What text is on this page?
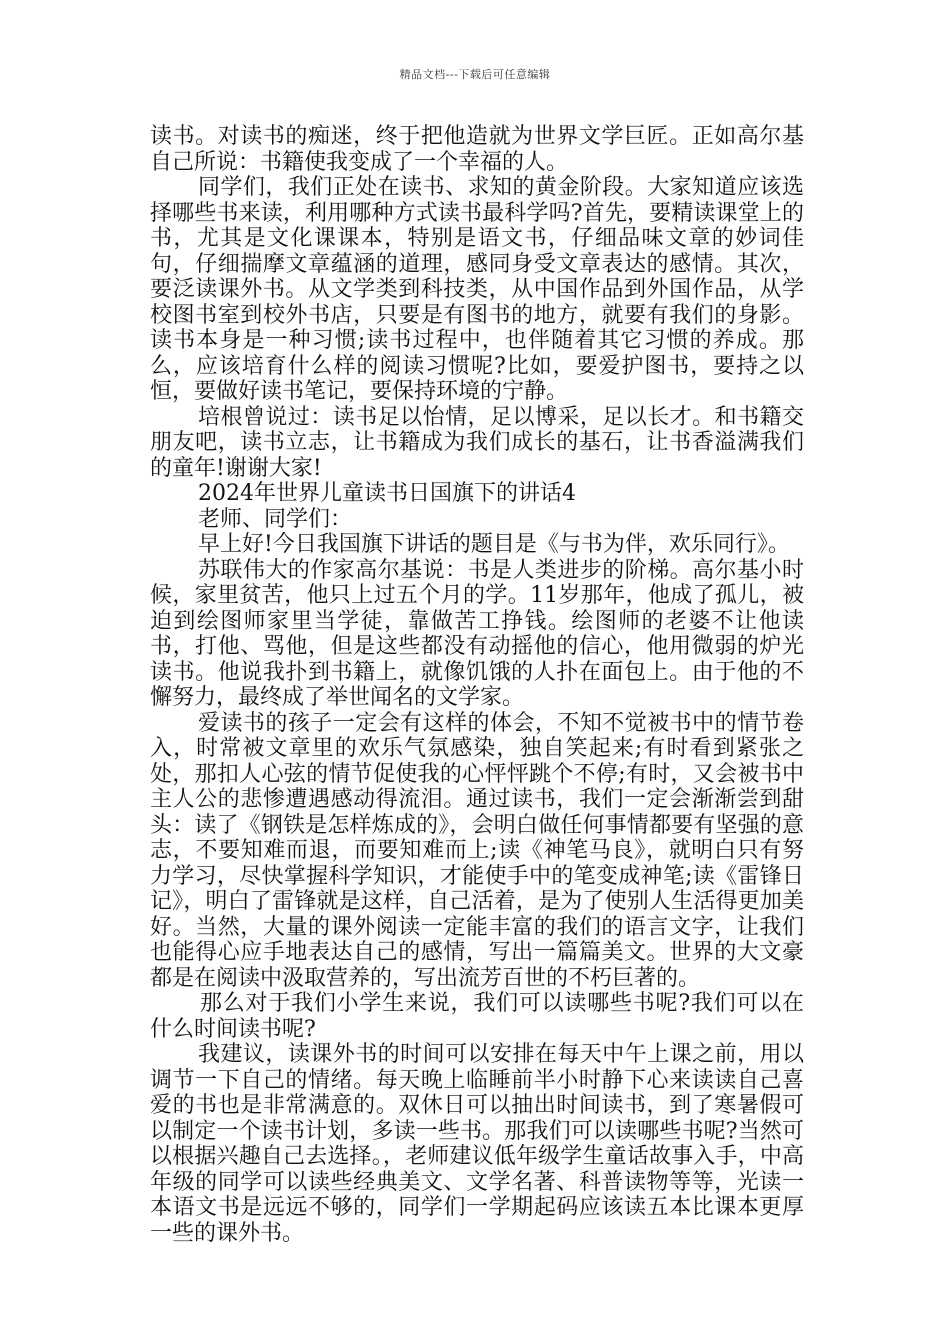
精品文档---下载后可任意编辑

读书。对读书的痴迷，终于把他造就为世界文学巨匠。正如高尔基自己所说：书籍使我变成了一个幸福的人。

同学们，我们正处在读书、求知的黄金阶段。大家知道应该选择哪些书来读，利用哪种方式读书最科学吗?首先，要精读课堂上的书，尤其是文化课课本，特别是语文书，仔细品味文章的妙词佳句，仔细揣摩文章蕴涵的道理，感同身受文章表达的感情。其次，要泛读课外书。从文学类到科技类，从中国作品到外国作品，从学校图书室到校外书店，只要是有图书的地方，就要有我们的身影。读书本身是一种习惯;读书过程中，也伴随着其它习惯的养成。那么，应该培育什么样的阅读习惯呢?比如，要爱护图书，要持之以恒，要做好读书笔记，要保持环境的宁静。

培根曾说过：读书足以怡情，足以博采，足以长才。和书籍交朋友吧，读书立志，让书籍成为我们成长的基石，让书香溢满我们的童年!谢谢大家!

2024年世界儿童读书日国旗下的讲话4

老师、同学们：

早上好!今日我国旗下讲话的题目是《与书为伴，欢乐同行》。

苏联伟大的作家高尔基说：书是人类进步的阶梯。高尔基小时候，家里贫苦，他只上过五个月的学。11岁那年，他成了孤儿，被迫到绘图师家里当学徒，靠做苦工挣钱。绘图师的老婆不让他读书，打他、骂他，但是这些都没有动摇他的信心，他用微弱的炉光读书。他说我扑到书籍上，就像饥饿的人扑在面包上。由于他的不懈努力，最终成了举世闻名的文学家。

爱读书的孩子一定会有这样的体会，不知不觉被书中的情节卷入，时常被文章里的欢乐气氛感染，独自笑起来;有时看到紧张之处，那扣人心弦的情节促使我的心怦怦跳个不停;有时，又会被书中主人公的悲惨遭遇感动得流泪。通过读书，我们一定会渐渐尝到甜头：读了《钢铁是怎样炼成的》，会明白做任何事情都要有坚强的意志，不要知难而退，而要知难而上;读《神笔马良》，就明白只有努力学习，尽快掌握科学知识，才能使手中的笔变成神笔;读《雷锋日记》，明白了雷锋就是这样，自己活着，是为了使别人生活得更加美好。当然，大量的课外阅读一定能丰富的我们的语言文字，让我们也能得心应手地表达自己的感情，写出一篇篇美文。世界的大文豪都是在阅读中汲取营养的，写出流芳百世的不朽巨著的。

那么对于我们小学生来说，我们可以读哪些书呢?我们可以在什么时间读书呢?

我建议，读课外书的时间可以安排在每天中午上课之前，用以调节一下自己的情绪。每天晚上临睡前半小时静下心来读读自己喜爱的书也是非常满意的。双休日可以抽出时间读书，到了寒暑假可以制定一个读书计划，多读一些书。那我们可以读哪些书呢?当然可以根据兴趣自己去选择。，老师建议低年级学生童话故事入手，中高年级的同学可以读些经典美文、文学名著、科普读物等等，光读一本语文书是远远不够的，同学们一学期起码应该读五本比课本更厚一些的课外书。
